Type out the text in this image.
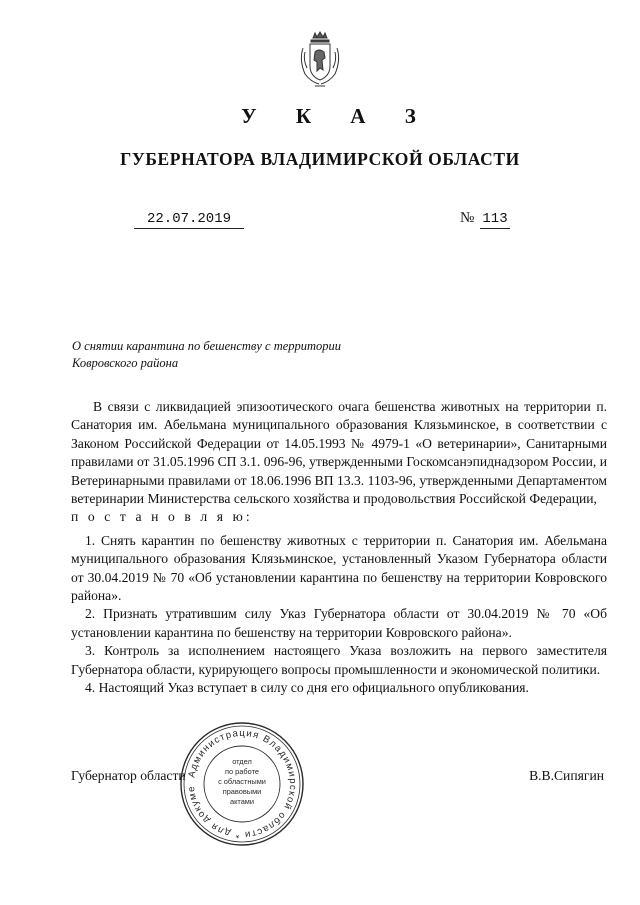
У К А З
ГУБЕРНАТОРА ВЛАДИМИРСКОЙ ОБЛАСТИ
22.07.2019	№ 113
О снятии карантина по бешенству с территории
Ковровского района

В связи с ликвидацией эпизоотического очага бешенства животных на территории п. Санатория им. Абельмана муниципального образования Клязьминское, в соответствии с Законом Российской Федерации от 14.05.1993 № 4979-1 «О ветеринарии», Санитарными правилами от 31.05.1996 СП 3.1. 096-96, утвержденными Госкомсанэпиднадзором России, и Ветеринарными правилами от 18.06.1996 ВП 13.3. 1103-96, утвержденными Департаментом ветеринарии Министерства сельского хозяйства и продовольствия Российской Федерации,

п о с т а н о в л я ю:

1. Снять карантин по бешенству животных с территории п. Санатория им. Абельмана муниципального образования Клязьминское, установленный Указом Губернатора области от 30.04.2019 № 70 «Об установлении карантина по бешенству на территории Ковровского района».

2. Признать утратившим силу Указ Губернатора области от 30.04.2019 № 70 «Об установлении карантина по бешенству на территории Ковровского района».

3. Контроль за исполнением настоящего Указа возложить на первого заместителя Губернатора области, курирующего вопросы промышленности и экономической политики.

4. Настоящий Указ вступает в силу со дня его официального опубликования.

Губернатор области	В.В.Сипягин
Администрация Владимирской области * для докуме
отдел
по работе
с областными
правовыми
актами
